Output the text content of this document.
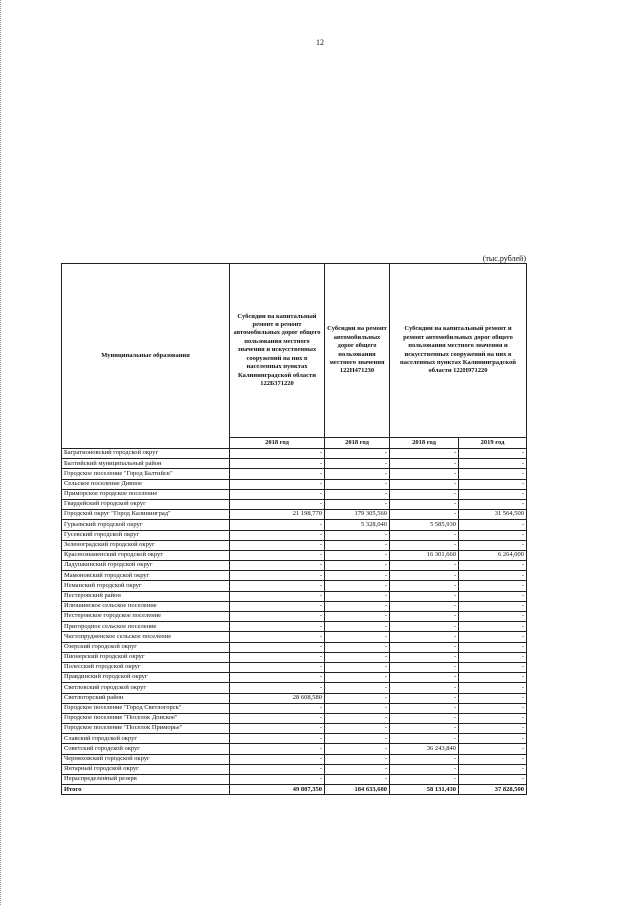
12
(тыс.рублей)
Муниципальные образования	Субсидии на капитальный ремонт и ремонт автомобильных дорог общего пользования местного значения и искусственных сооружений на них в населенных пунктах Калининградской области 122Б371220	Субсидии на ремонт автомобильных дорог общего пользования местного значения 122Н471230	Субсидии на капитальный ремонт и ремонт автомобильных дорог общего пользования местного значения и искусственных сооружений на них в населенных пунктах Калининградской области 122Н971220	
	2018 год	2018 год	2018 год	2019 год
Багратионовский городской округ	-	-	-	-
Балтийский муниципальный район	-	-	-	-
Городское поселение "Город Балтийск"	-	-	-	-
Сельское поселение Дивное	-	-	-	-
Приморское городское поселение	-	-	-	-
Гвардейский городской округ	-	-	-	-
Городской округ "Город Калининград"	21 198,770	179 305,560	-	31 564,500
Гурьевский городской округ	-	5 328,040	5 585,930	-
Гусевский городской округ	-	-	-	-
Зеленоградский городской округ	-	-	-	-
Краснознаменский городской округ	-	-	16 301,660	6 264,000
Ладушкинский городской округ	-	-	-	-
Мамоновский городской округ	-	-	-	-
Неманский городской округ	-	-	-	-
Нестеровский район	-	-	-	-
Илюшинское сельское поселение	-	-	-	-
Нестеровское городское поселение	-	-	-	-
Пригородное сельское поселение	-	-	-	-
Чистопрудненское сельское поселение	-	-	-	-
Озерский городской округ	-	-	-	-
Пионерский городской округ	-	-	-	-
Полесский городской округ	-	-	-	-
Правдинский городской округ	-	-	-	-
Светловский городской округ	-	-	-	-
Светлогорский район	28 608,580	-	-	-
Городское поселение "Город Светлогорск"	-	-	-	-
Городское поселение "Поселок Донское"	-	-	-	-
Городское поселение "Поселок Приморье"	-	-	-	-
Славский городской округ	-	-	-	-
Советский городской округ	-	-	36 243,840	-
Черняховский городской округ	-	-	-	-
Янтарный городской округ	-	-	-	-
Нераспределенный резерв	-	-	-	-
Итого	49 807,350	184 633,600	58 131,430	37 828,500
